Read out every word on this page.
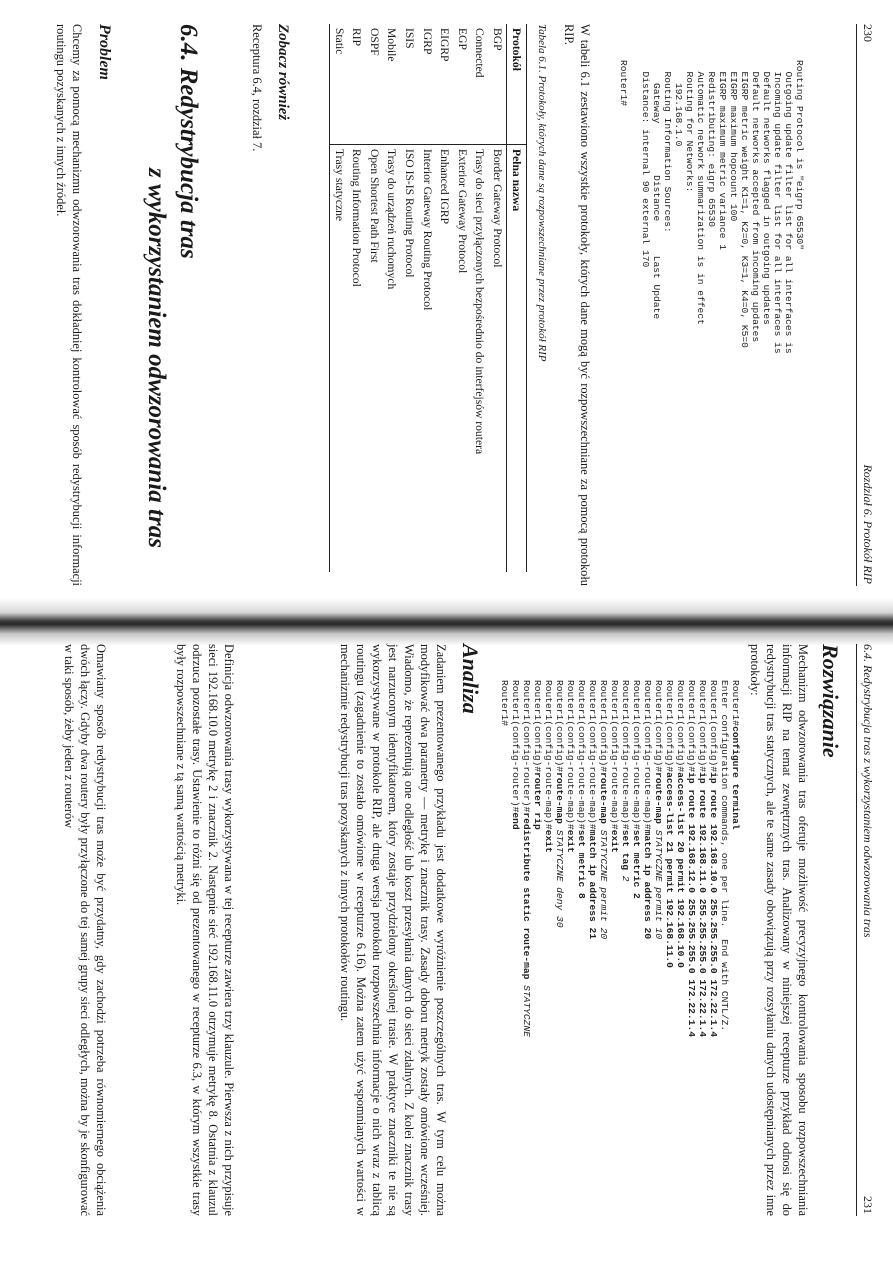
230
Rozdział 6. Protokół RIP
Routing Protocol is "eigrp 65530"
Outgoing update filter list for all interfaces is
Incoming update filter list for all interfaces is
Default networks flagged in outgoing updates
Default networks accepted from incoming updates
EIGRP metric weight K1=1, K2=0, K3=1, K4=0, K5=0
EIGRP maximum hopcount 100
EIGRP maximum metric variance 1
Redistributing: eigrp 65530
Automatic network summarization is in effect
Routing for Networks:
192.168.1.0
Routing Information Sources:
Gateway         Distance      Last Update
Distance: internal 90 external 170

Router1#
W tabeli 6.1 zestawiono wszystkie protokoły, których dane mogą być rozpowszechniane za pomocą protokołu RIP.
Tabela 6.1. Protokoły, których dane są rozpowszechniane przez protokół RIP
Protokół	Pełna nazwa
BGP	Border Gateway Protocol
Connected	Trasy do sieci przyłączonych bezpośrednio do interfejsów routera
EGP	Exterior Gateway Protocol
EIGRP	Enhanced IGRP
IGRP	Interior Gateway Routing Protocol
ISIS	ISO IS-IS Routing Protocol
Mobile	Trasy do urządzeń ruchomych
OSPF	Open Shortest Path First
RIP	Routing Information Protocol
Static	Trasy statyczne
Zobacz również
Receptura 6.4, rozdział 7.
6.4. Redystrybucja tras
z wykorzystaniem odwzorowania tras
Problem
Chcemy za pomocą mechanizmu odwzorowania tras dokładniej kontrolować sposób redystrybucji informacji routingu pozyskanych z innych źródeł.
6.4. Redystrybucja tras z wykorzystaniem odwzorowania tras
231
Rozwiązanie
Mechanizm odwzorowania tras oferuje możliwość precyzyjnego kontrolowania sposobu rozpowszechniania informacji RIP na temat zewnętrznych tras. Analizowany w niniejszej recepturze przykład odnosi się do redystrybucji tras statycznych, ale te same zasady obowiązują przy rozsyłaniu danych udostępnianych przez inne protokoły:
Router1#configure terminal
Enter configuration commands, one per line.  End with CNTL/Z.
Router1(config)#ip route 192.168.10.0 255.255.255.0 172.22.1.4
Router1(config)#ip route 192.168.11.0 255.255.255.0 172.22.1.4
Router1(config)#ip route 192.168.12.0 255.255.255.0 172.22.1.4
Router1(config)#access-list 20 permit 192.168.10.0
Router1(config)#access-list 21 permit 192.168.11.0
Router1(config)#route-map STATYCZNE permit 10
Router1(config-route-map)#match ip address 20
Router1(config-route-map)#set metric 2
Router1(config-route-map)#set tag 2
Router1(config-route-map)#exit
Router1(config)#route-map STATYCZNE permit 20
Router1(config-route-map)#match ip address 21
Router1(config-route-map)#set metric 8
Router1(config-route-map)#exit
Router1(config)#route-map STATYCZNE deny 30
Router1(config-route-map)#exit
Router1(config)#router rip
Router1(config-router)#redistribute static route-map STATYCZNE
Router1(config-router)#end
Router1#
Analiza
Zadaniem prezentowanego przykładu jest dodatkowe wyróżnienie poszczególnych tras. W tym celu można modyfikować dwa parametry — metrykę i znacznik trasy. Zasady doboru metryk zostały omówione wcześniej. Wiadomo, że reprezentują one odległość lub koszt przesyłania danych do sieci zdalnych. Z kolei znacznik trasy jest narzuconym identyfikatorem, który zostaje przydzielony określonej trasie. W praktyce znaczniki te nie są wykorzystywane w protokole RIP, ale druga wersja protokołu rozpowszechnia informacje o nich wraz z tablicą routingu (zagadnienie to zostało omówione w recepturze 6.16). Można zatem użyć wspomnianych wartości w mechanizmie redystrybucji tras pozyskanych z innych protokołów routingu.
Definicja odwzorowania trasy wykorzystywana w tej recepturze zawiera trzy klauzule. Pierwsza z nich przypisuje sieci 192.168.10.0 metrykę 2 i znacznik 2. Następnie sieć 192.168.11.0 otrzymuje metrykę 8. Ostatnia z klauzul odrzuca pozostałe trasy. Ustawienie to różni się od prezentowanego w recepturze 6.3, w którym wszystkie trasy były rozpowszechniane z tą samą wartością metryki.
Omawiany sposób redystrybucji tras może być przydatny, gdy zachodzi potrzeba równomiernego obciążenia dwóch łączy. Gdyby dwa routery były przyłączone do tej samej grupy sieci odległych, można by je skonfigurować w taki sposób, żeby jeden z routerów
